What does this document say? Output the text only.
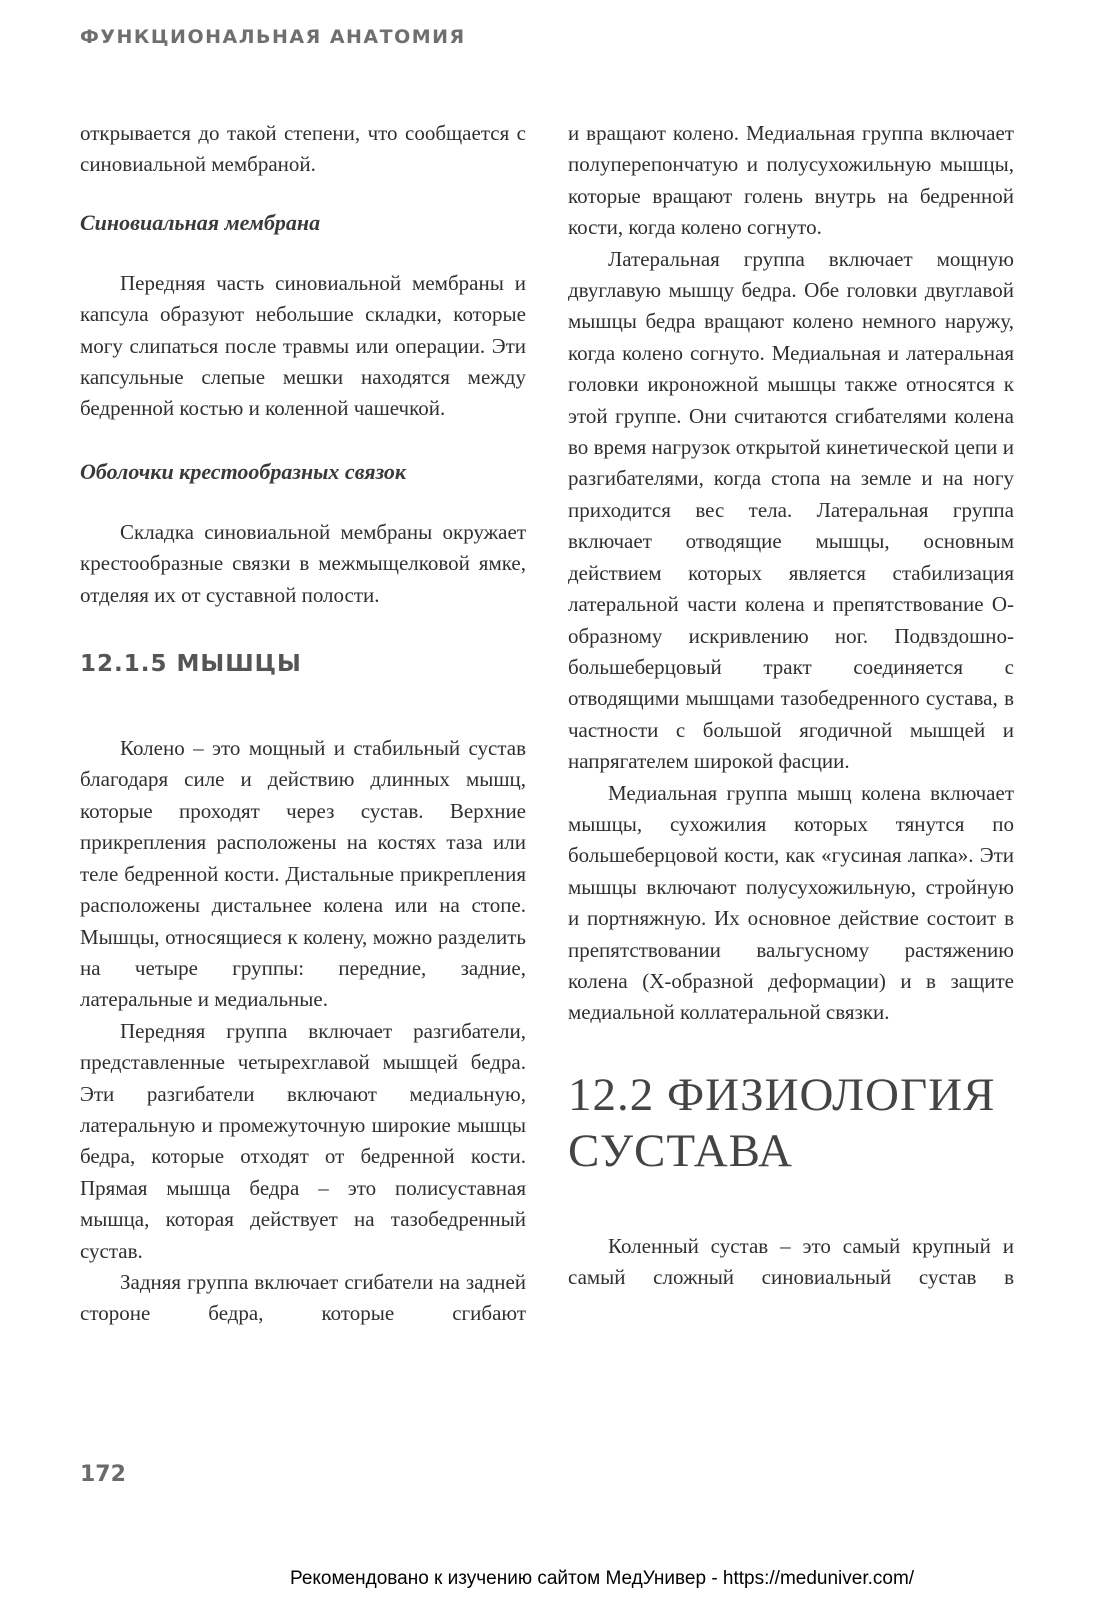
ФУНКЦИОНАЛЬНАЯ АНАТОМИЯ

открывается до такой степени, что сообщается с синовиальной мембраной.

Синовиальная мембрана

Передняя часть синовиальной мембраны и капсула образуют небольшие складки, которые могу слипаться после травмы или операции. Эти капсульные слепые мешки находятся между бедренной костью и коленной чашечкой.

Оболочки крестообразных связок

Складка синовиальной мембраны окружает крестообразные связки в межмыщелковой ямке, отделяя их от суставной полости.

12.1.5 МЫШЦЫ

Колено – это мощный и стабильный сустав благодаря силе и действию длинных мышц, которые проходят через сустав. Верхние прикрепления расположены на костях таза или теле бедренной кости. Дистальные прикрепления расположены дистальнее колена или на стопе. Мышцы, относящиеся к колену, можно разделить на четыре группы: передние, задние, латеральные и медиальные.

Передняя группа включает разгибатели, представленные четырехглавой мышцей бедра. Эти разгибатели включают медиальную, латеральную и промежуточную широкие мышцы бедра, которые отходят от бедренной кости. Прямая мышца бедра – это полисуставная мышца, которая действует на тазобедренный сустав.

Задняя группа включает сгибатели на задней стороне бедра, которые сгибают

и вращают колено. Медиальная группа включает полуперепончатую и полусухожильную мышцы, которые вращают голень внутрь на бедренной кости, когда колено согнуто.

Латеральная группа включает мощную двуглавую мышцу бедра. Обе головки двуглавой мышцы бедра вращают колено немного наружу, когда колено согнуто. Медиальная и латеральная головки икроножной мышцы также относятся к этой группе. Они считаются сгибателями колена во время нагрузок открытой кинетической цепи и разгибателями, когда стопа на земле и на ногу приходится вес тела. Латеральная группа включает отводящие мышцы, основным действием которых является стабилизация латеральной части колена и препятствование О-образному искривлению ног. Подвздошно-большеберцовый тракт соединяется с отводящими мышцами тазобедренного сустава, в частности с большой ягодичной мышцей и напрягателем широкой фасции.

Медиальная группа мышц колена включает мышцы, сухожилия которых тянутся по большеберцовой кости, как «гусиная лапка». Эти мышцы включают полусухожильную, стройную и портняжную. Их основное действие состоит в препятствовании вальгусному растяжению колена (Х-образной деформации) и в защите медиальной коллатеральной связки.

12.2 ФИЗИОЛОГИЯ СУСТАВА

Коленный сустав – это самый крупный и самый сложный синовиальный сустав в

172
Рекомендовано к изучению сайтом МедУнивер - https://meduniver.com/
